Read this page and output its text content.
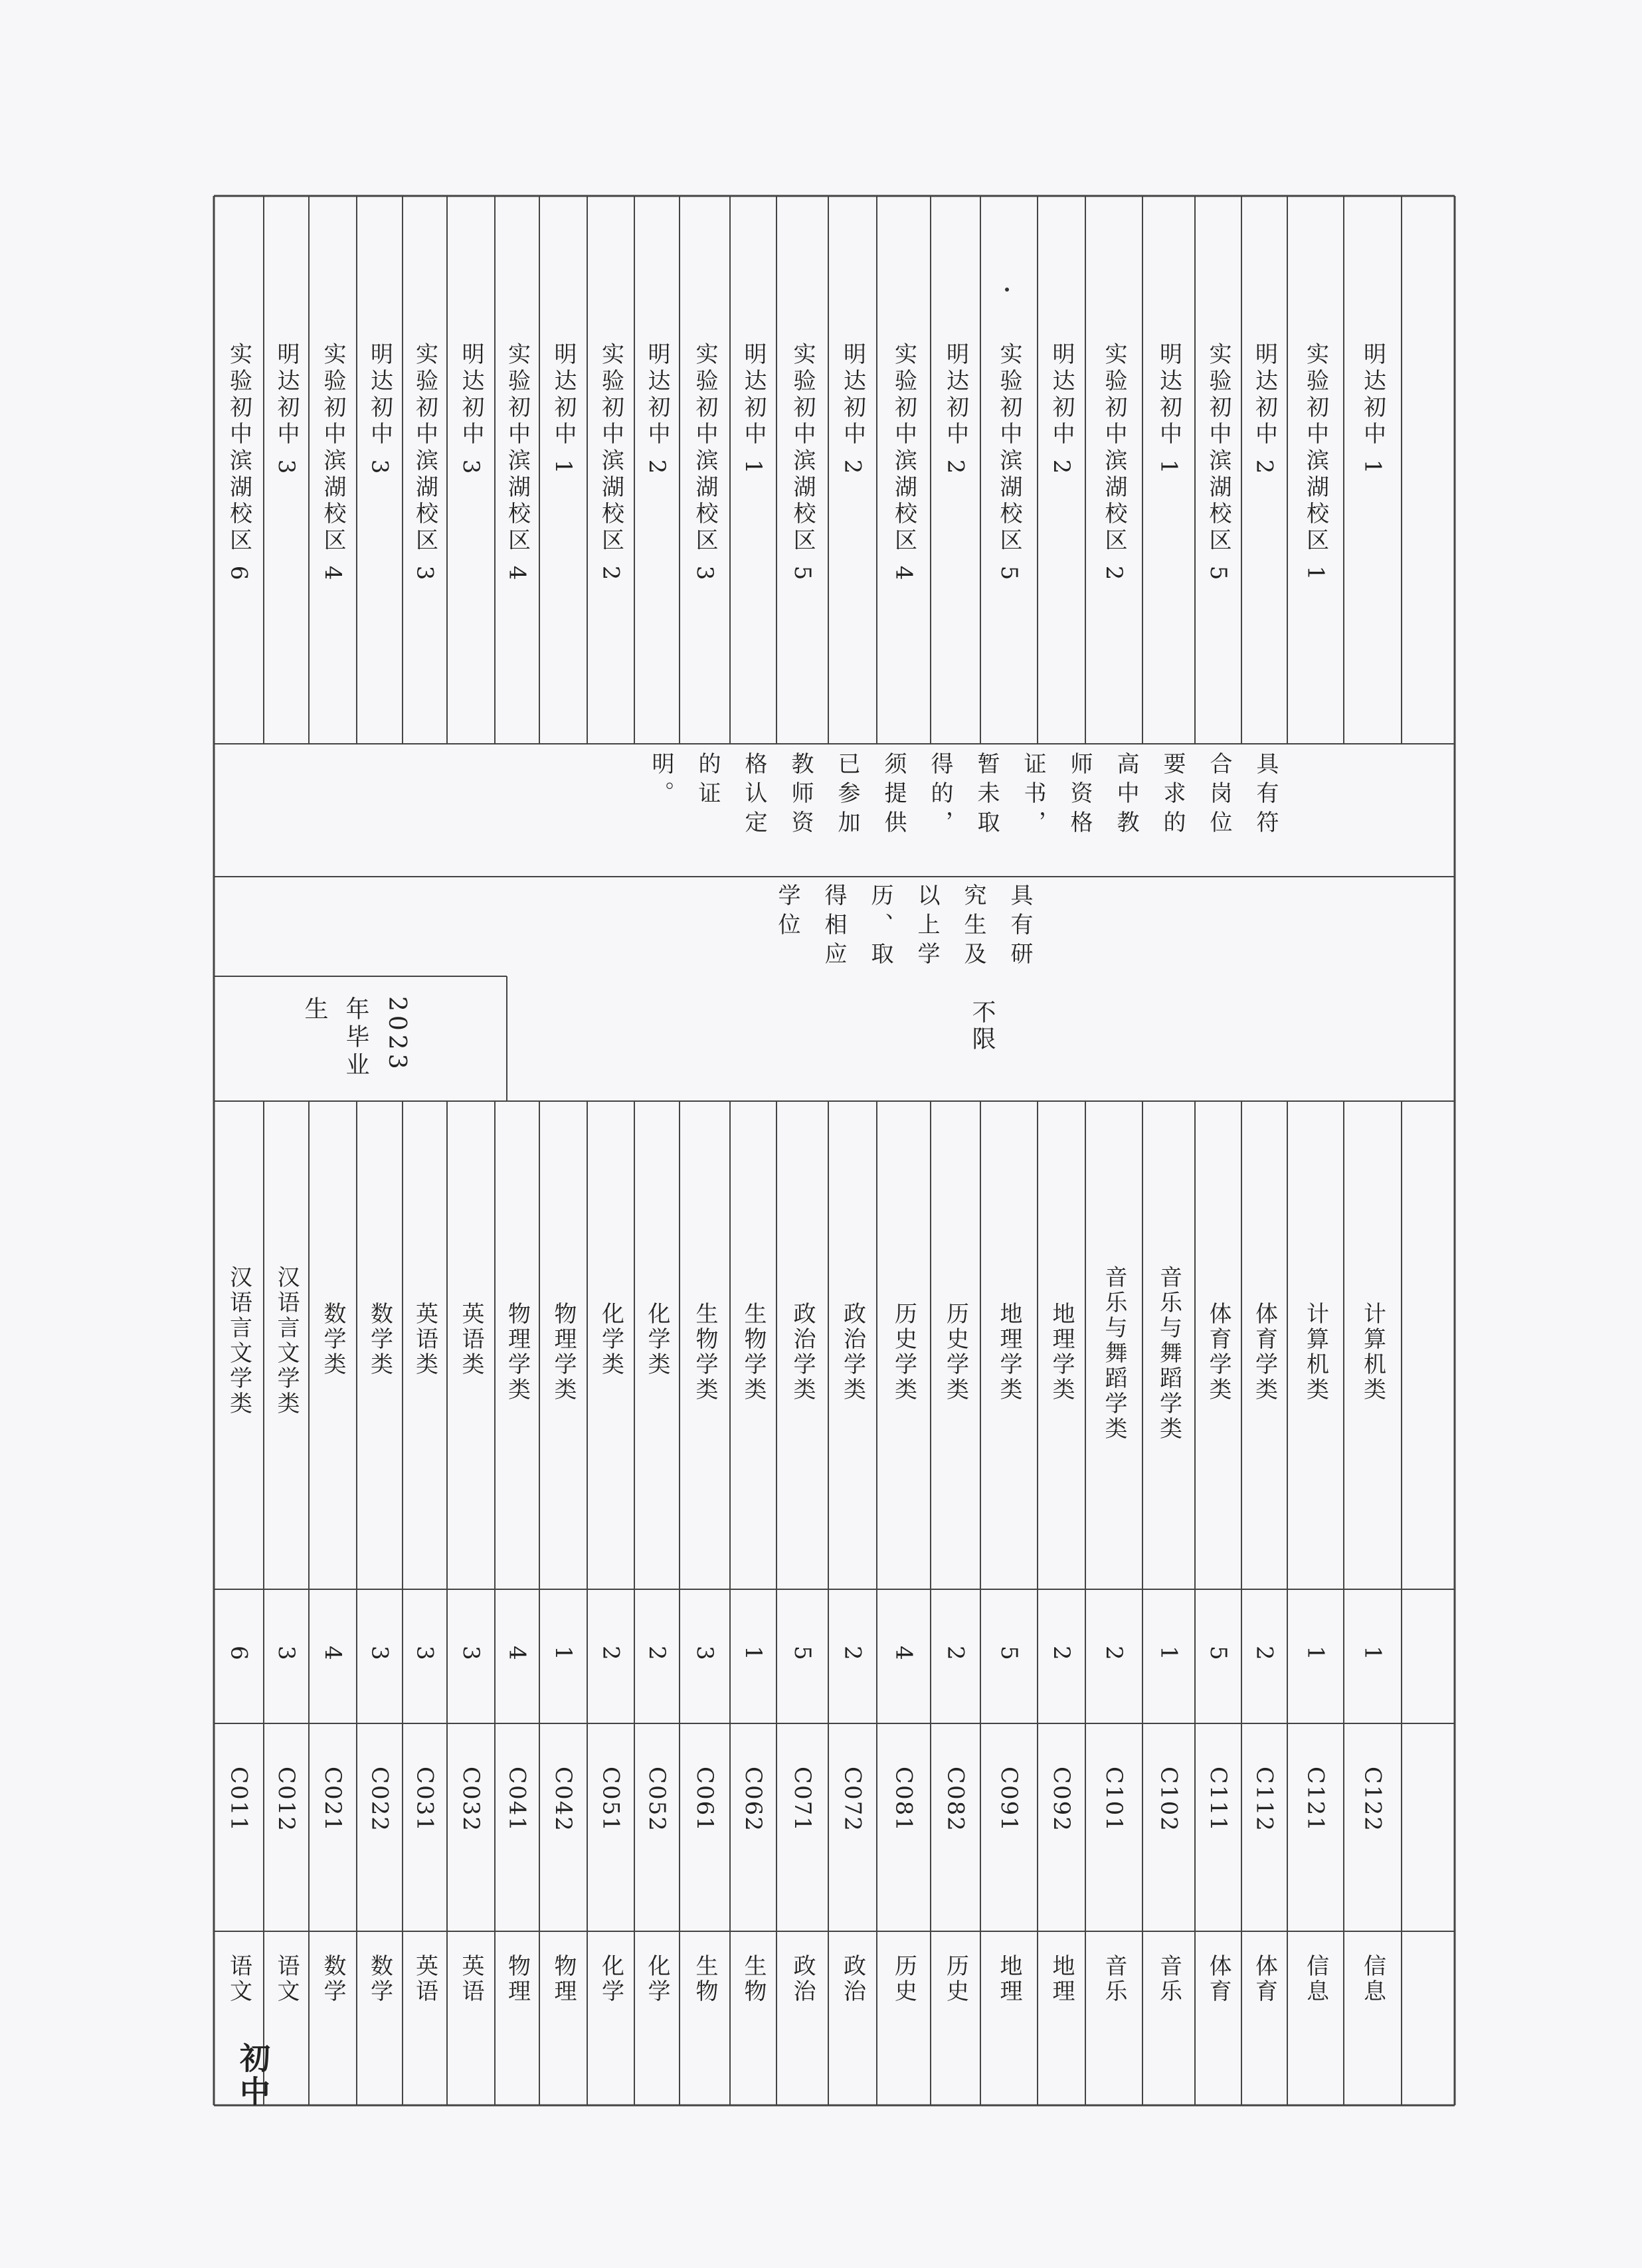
语文
C011
6
汉语言文学类
实验初中滨湖校区 6
语文
C012
3
汉语言文学类
明达初中 3
数学
C021
4
数学类
实验初中滨湖校区 4
数学
C022
3
数学类
明达初中 3
英语
C031
3
英语类
实验初中滨湖校区 3
英语
C032
3
英语类
明达初中 3
物理
C041
4
物理学类
实验初中滨湖校区 4
物理
C042
1
物理学类
明达初中 1
化学
C051
2
化学类
实验初中滨湖校区 2
化学
C052
2
化学类
明达初中 2
生物
C061
3
生物学类
实验初中滨湖校区 3
生物
C062
1
生物学类
明达初中 1
政治
C071
5
政治学类
实验初中滨湖校区 5
政治
C072
2
政治学类
明达初中 2
历史
C081
4
历史学类
实验初中滨湖校区 4
历史
C082
2
历史学类
明达初中 2
地理
C091
5
地理学类
实验初中滨湖校区 5
地理
C092
2
地理学类
明达初中 2
音乐
C101
2
音乐与舞蹈学类
实验初中滨湖校区 2
音乐
C102
1
音乐与舞蹈学类
明达初中 1
体育
C111
5
体育学类
实验初中滨湖校区 5
体育
C112
2
体育学类
明达初中 2
信息
C121
1
计算机类
实验初中滨湖校区 1
信息
C122
1
计算机类
明达初中 1
初中
2023 年毕业生	不限
具有研究生及以上学历、取得相应学位
具有符合岗位要求的高中教师资格证书，暂未取得的，须提供已参加教师资格认定的证明。
